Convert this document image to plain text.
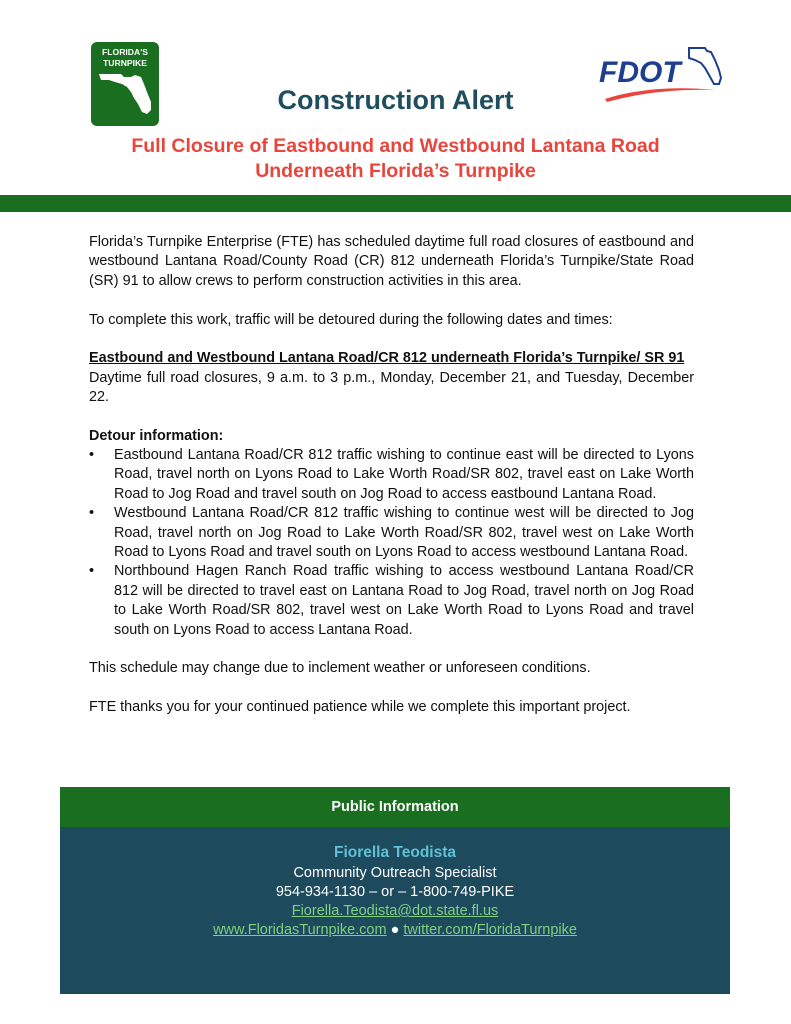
FLORIDA'S
TURNPIKE	FDOT
Construction Alert
Full Closure of Eastbound and Westbound Lantana Road
Underneath Florida’s Turnpike

Florida’s Turnpike Enterprise (FTE) has scheduled daytime full road closures of eastbound and westbound Lantana Road/County Road (CR) 812 underneath Florida’s Turnpike/State Road (SR) 91 to allow crews to perform construction activities in this area.

To complete this work, traffic will be detoured during the following dates and times:

Eastbound and Westbound Lantana Road/CR 812 underneath Florida’s Turnpike/ SR 91

Daytime full road closures, 9 a.m. to 3 p.m., Monday, December 21, and Tuesday, December 22.

Detour information:

• Eastbound Lantana Road/CR 812 traffic wishing to continue east will be directed to Lyons Road, travel north on Lyons Road to Lake Worth Road/SR 802, travel east on Lake Worth Road to Jog Road and travel south on Jog Road to access eastbound Lantana Road.
• Westbound Lantana Road/CR 812 traffic wishing to continue west will be directed to Jog Road, travel north on Jog Road to Lake Worth Road/SR 802, travel west on Lake Worth Road to Lyons Road and travel south on Lyons Road to access westbound Lantana Road.
• Northbound Hagen Ranch Road traffic wishing to access westbound Lantana Road/CR 812 will be directed to travel east on Lantana Road to Jog Road, travel north on Jog Road to Lake Worth Road/SR 802, travel west on Lake Worth Road to Lyons Road and travel south on Lyons Road to access Lantana Road.

This schedule may change due to inclement weather or unforeseen conditions.

FTE thanks you for your continued patience while we complete this important project.

Public Information
Fiorella Teodista
Community Outreach Specialist
954-934-1130 – or – 1-800-749-PIKE
Fiorella.Teodista@dot.state.fl.us
www.FloridasTurnpike.com ● twitter.com/FloridaTurnpike
